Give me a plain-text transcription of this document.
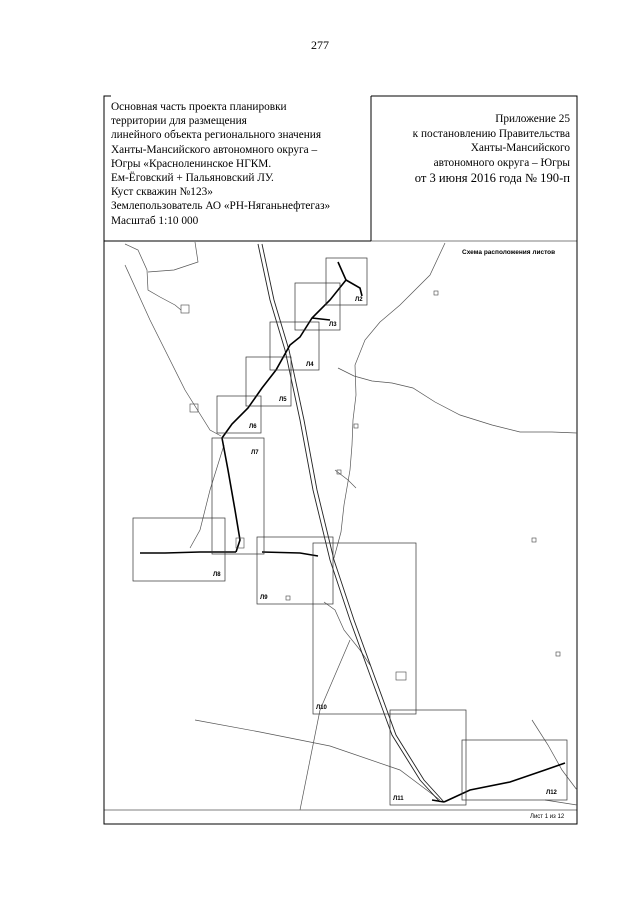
277
Основная часть проекта планировки
территории для размещения
линейного объекта регионального значения
Ханты-Мансийского автономного округа –
Югры «Красноленинское НГКМ.
Ем-Ёговский + Пальяновский ЛУ.
Куст скважин №123»
Землепользователь АО «РН-Няганьнефтегаз»
Масштаб 1:10 000
Приложение 25
к постановлению Правительства
Ханты-Мансийского
автономного округа – Югры
от 3 июня 2016 года № 190-п
Схема расположения листов
Л2
Л3
Л4
Л5
Л6
Л7
Л8
Л9
Л10
Л11
Л12
Лист 1 из 12
